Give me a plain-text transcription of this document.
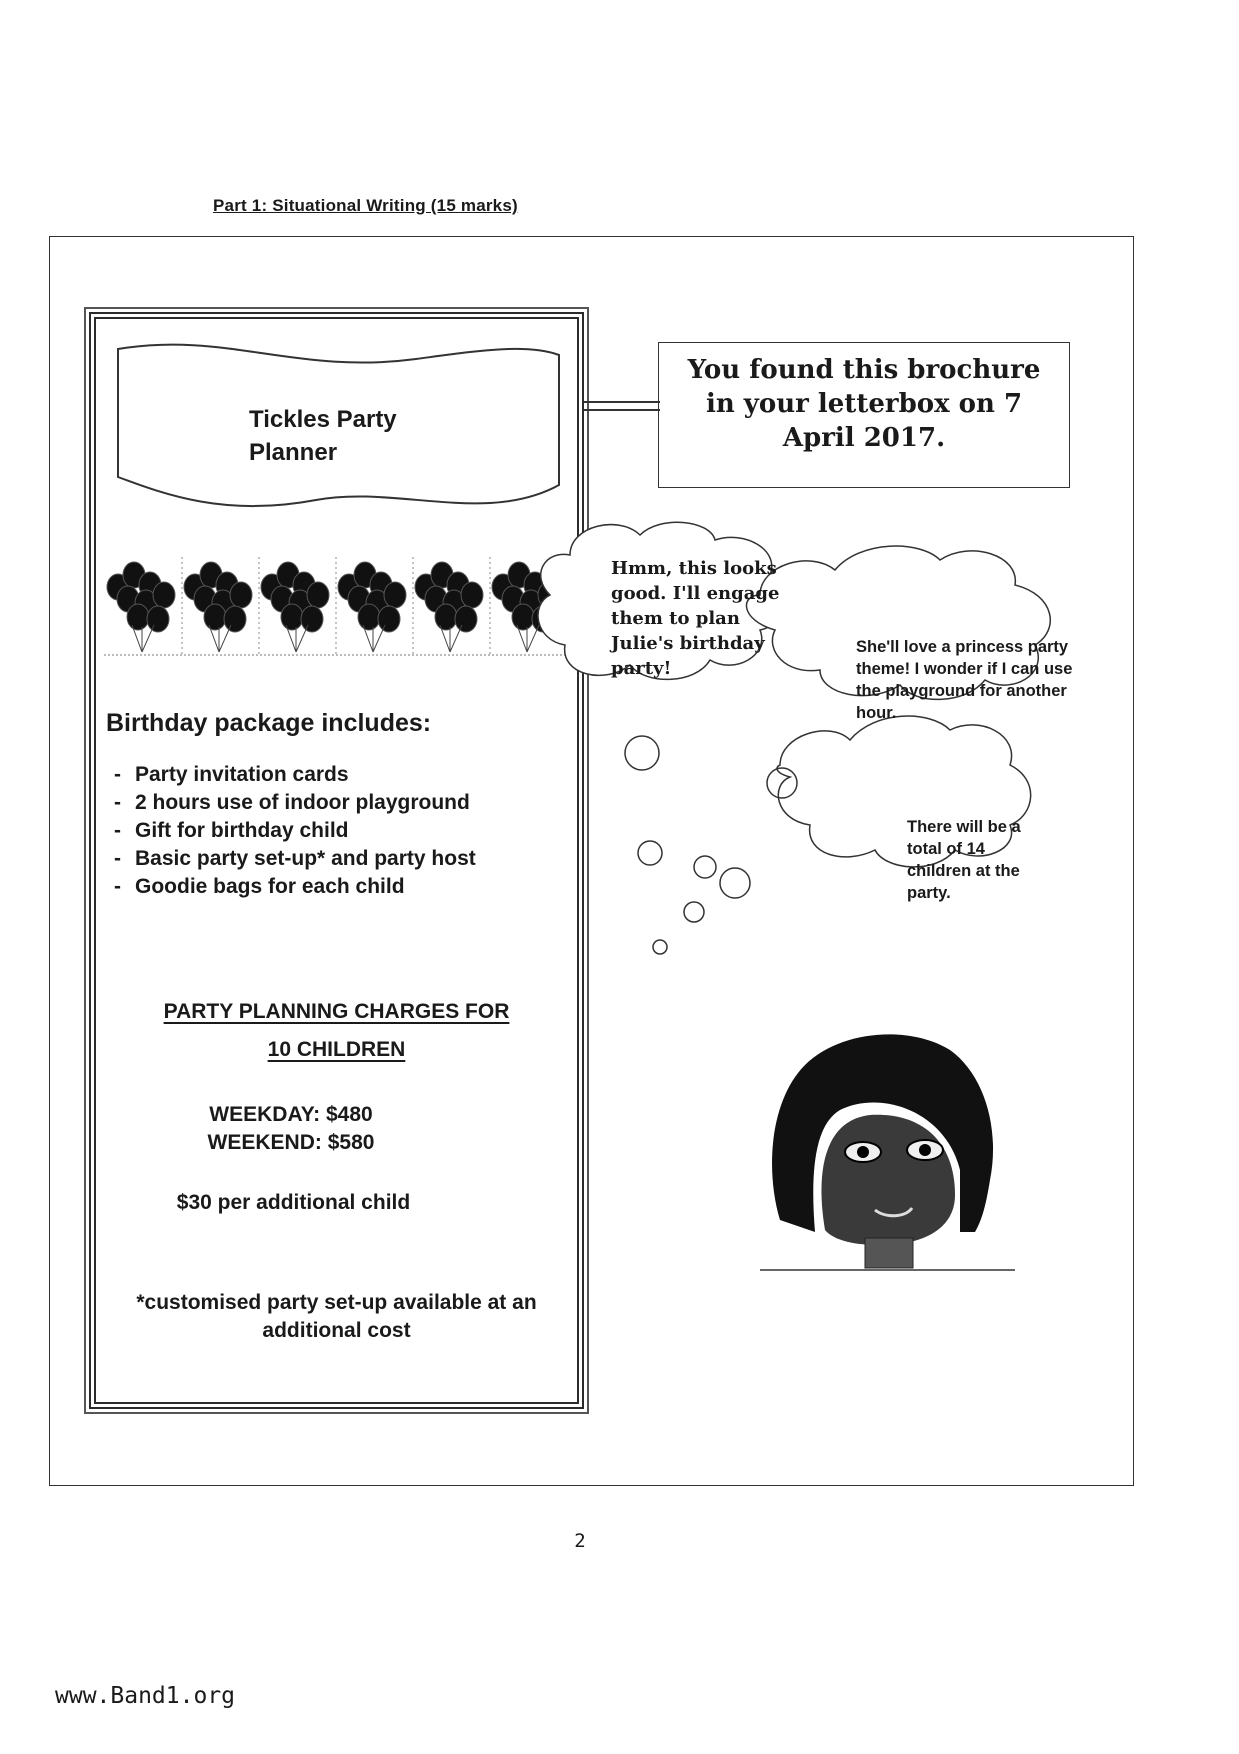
Part 1: Situational Writing (15 marks)
Tickles Party
Planner
Birthday package includes:
- Party invitation cards
- 2 hours use of indoor playground
- Gift for birthday child
- Basic party set-up* and party host
- Goodie bags for each child
PARTY PLANNING CHARGES FOR
10 CHILDREN
WEEKDAY: $480
WEEKEND: $580
$30 per additional child
*customised party set-up available at an additional cost
You found this brochure in your letterbox on 7 April 2017.
Hmm, this looks good. I'll engage them to plan Julie's birthday party!
She'll love a princess party theme! I wonder if I can use the playground for another hour.
There will be a total of 14 children at the party.
2
www.Band1.org
